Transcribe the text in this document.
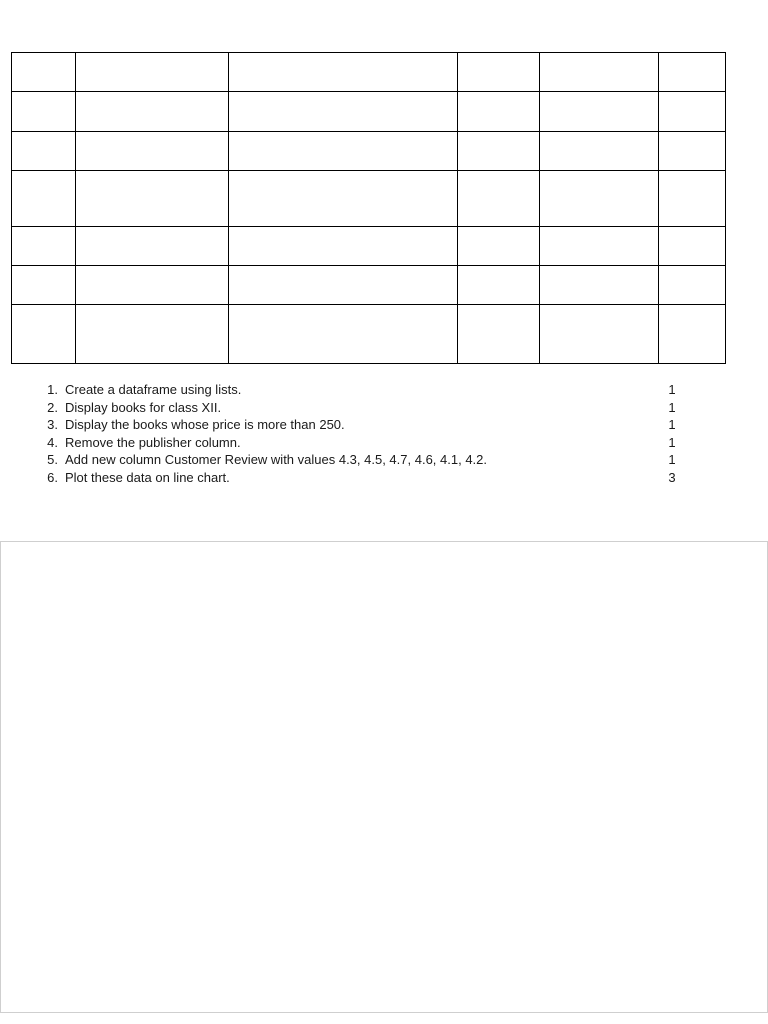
1. Create a dataframe using lists.	1
2. Display books for class XII.	1
3. Display the books whose price is more than 250.	1
4. Remove the publisher column.	1
5. Add new column Customer Review with values 4.3, 4.5, 4.7, 4.6, 4.1, 4.2.	1
6. Plot these data on line chart.	3
